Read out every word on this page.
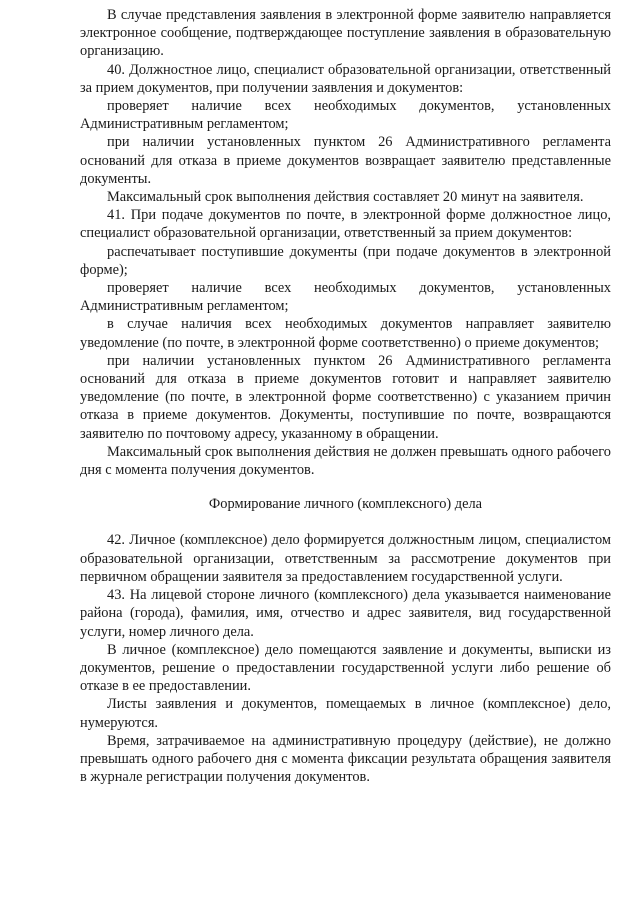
В случае представления заявления в электронной форме заявителю направляется электронное сообщение, подтверждающее поступление заявления в образовательную организацию.

40. Должностное лицо, специалист образовательной организации, ответственный за прием документов, при получении заявления и документов:

проверяет наличие всех необходимых документов, установленных Административным регламентом;

при наличии установленных пунктом 26 Административного регламента оснований для отказа в приеме документов возвращает заявителю представленные документы.

Максимальный срок выполнения действия составляет 20 минут на заявителя.

41. При подаче документов по почте, в электронной форме должностное лицо, специалист образовательной организации, ответственный за прием документов:

распечатывает поступившие документы (при подаче документов в электронной форме);

проверяет наличие всех необходимых документов, установленных Административным регламентом;

в случае наличия всех необходимых документов направляет заявителю уведомление (по почте, в электронной форме соответственно) о приеме документов;

при наличии установленных пунктом 26 Административного регламента оснований для отказа в приеме документов готовит и направляет заявителю уведомление (по почте, в электронной форме соответственно) с указанием причин отказа в приеме документов. Документы, поступившие по почте, возвращаются заявителю по почтовому адресу, указанному в обращении.

Максимальный срок выполнения действия не должен превышать одного рабочего дня с момента получения документов.

Формирование личного (комплексного) дела

42. Личное (комплексное) дело формируется должностным лицом, специалистом образовательной организации, ответственным за рассмотрение документов при первичном обращении заявителя за предоставлением государственной услуги.

43. На лицевой стороне личного (комплексного) дела указывается наименование района (города), фамилия, имя, отчество и адрес заявителя, вид государственной услуги, номер личного дела.

В личное (комплексное) дело помещаются заявление и документы, выписки из документов, решение о предоставлении государственной услуги либо решение об отказе в ее предоставлении.

Листы заявления и документов, помещаемых в личное (комплексное) дело, нумеруются.

Время, затрачиваемое на административную процедуру (действие), не должно превышать одного рабочего дня с момента фиксации результата обращения заявителя в журнале регистрации получения документов.
